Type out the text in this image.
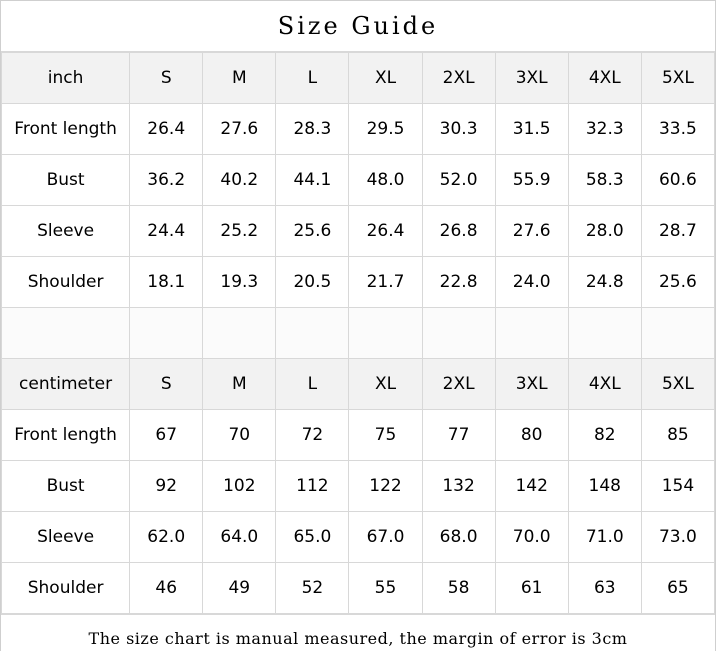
Size Guide
inch	S	M	L	XL	2XL	3XL	4XL	5XL
Front length	26.4	27.6	28.3	29.5	30.3	31.5	32.3	33.5
Bust	36.2	40.2	44.1	48.0	52.0	55.9	58.3	60.6
Sleeve	24.4	25.2	25.6	26.4	26.8	27.6	28.0	28.7
Shoulder	18.1	19.3	20.5	21.7	22.8	24.0	24.8	25.6

centimeter	S	M	L	XL	2XL	3XL	4XL	5XL
Front length	67	70	72	75	77	80	82	85
Bust	92	102	112	122	132	142	148	154
Sleeve	62.0	64.0	65.0	67.0	68.0	70.0	71.0	73.0
Shoulder	46	49	52	55	58	61	63	65
The size chart is manual measured, the margin of error is 3cm
